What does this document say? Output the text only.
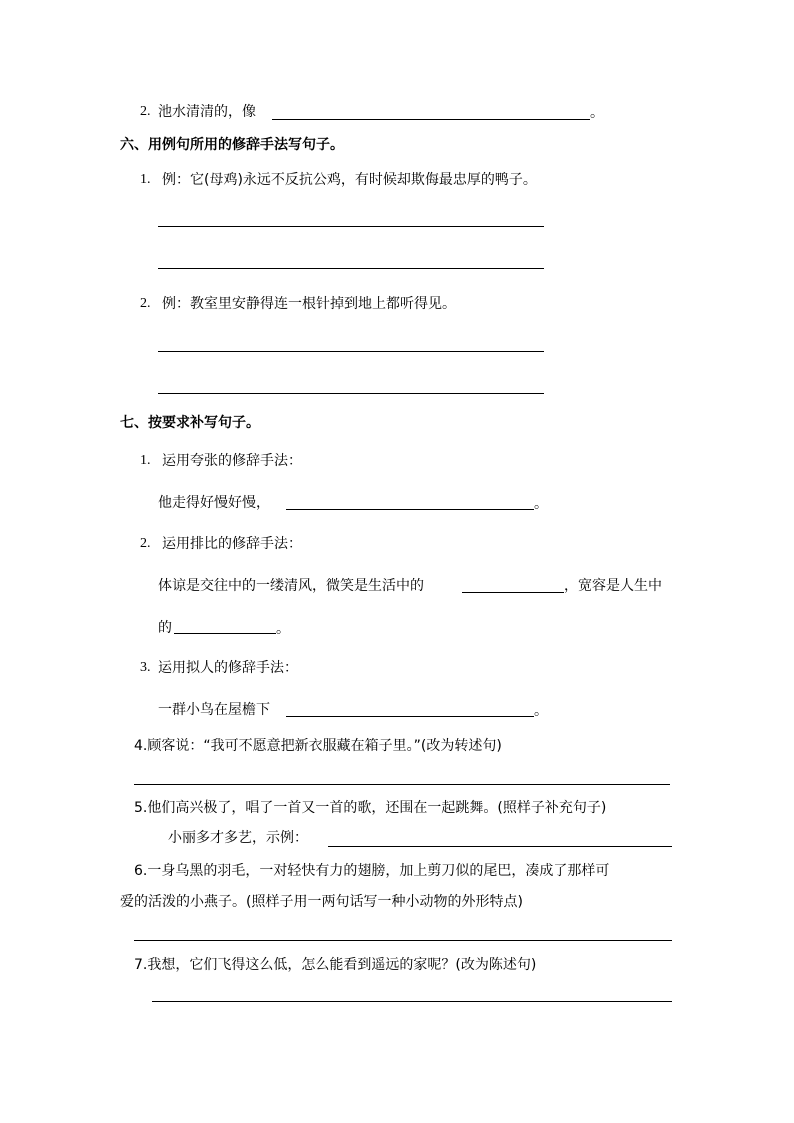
2. 池水清清的，像	。
六、用例句所用的修辞手法写句子。
1. 例：它(母鸡)永远不反抗公鸡，有时候却欺侮最忠厚的鸭子。
2. 例：教室里安静得连一根针掉到地上都听得见。
七、按要求补写句子。
1. 运用夸张的修辞手法：
他走得好慢好慢，	。
2. 运用排比的修辞手法：
体谅是交往中的一缕清风，微笑是生活中的	，宽容是人生中
的	。
3. 运用拟人的修辞手法：
一群小鸟在屋檐下	。
4.顾客说：“我可不愿意把新衣服藏在箱子里。”(改为转述句)
5.他们高兴极了，唱了一首又一首的歌，还围在一起跳舞。(照样子补充句子)
小丽多才多艺，示例：
6.一身乌黑的羽毛，一对轻快有力的翅膀，加上剪刀似的尾巴，凑成了那样可
爱的活泼的小燕子。(照样子用一两句话写一种小动物的外形特点)
7.我想，它们飞得这么低，怎么能看到遥远的家呢？(改为陈述句)
